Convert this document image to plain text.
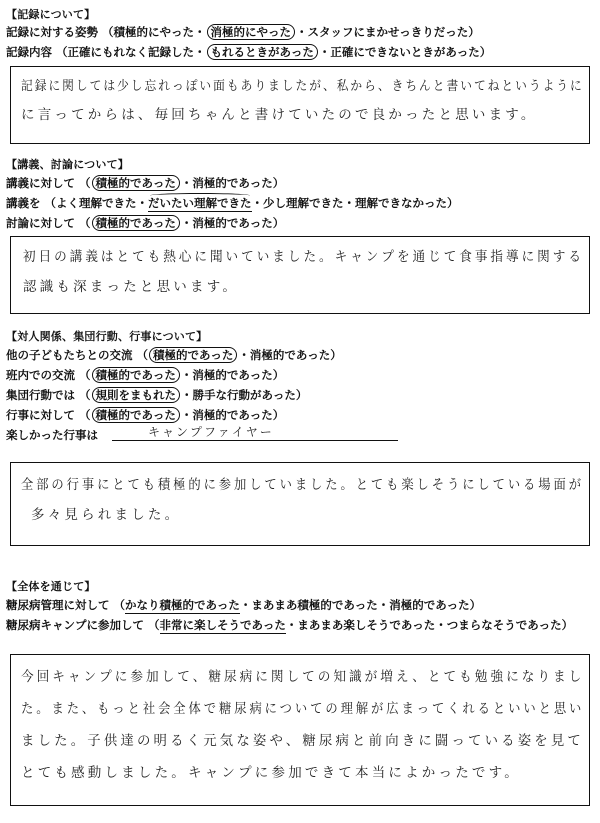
【記録について】
記録に対する姿勢 （積極的にやった・ 消極的にやった ・スタッフにまかせっきりだった）
記録内容 （正確にもれなく記録した・ もれるときがあった ・正確にできないときがあった）
記録に関しては少し忘れっぽい面もありましたが、私から、きちんと書いてねというように
に言ってからは、毎回ちゃんと書けていたので良かったと思います。
【講義、討論について】
講義に対して （ 積極的であった ・消極的であった）
講義を （よく理解できた・だいたい理解できた・少し理解できた・理解できなかった）
討論に対して （ 積極的であった ・消極的であった）
初日の講義はとても熱心に聞いていました。キャンプを通じて食事指導に関する
認識も深まったと思います。
【対人関係、集団行動、行事について】
他の子どもたちとの交流 （ 積極的であった ・消極的であった）
班内での交流 （ 積極的であった ・消極的であった）
集団行動では （ 規則をまもれた ・勝手な行動があった）
行事に対して （ 積極的であった ・消極的であった）
楽しかった行事は	キャンプファイヤー
全部の行事にとても積極的に参加していました。とても楽しそうにしている場面が
多々見られました。
【全体を通じて】
糖尿病管理に対して （かなり積極的であった・まあまあ積極的であった・消極的であった）
糖尿病キャンプに参加して （非常に楽しそうであった・まあまあ楽しそうであった・つまらなそうであった）
今回キャンプに参加して、糖尿病に関しての知識が増え、とても勉強になりまし
た。また、もっと社会全体で糖尿病についての理解が広まってくれるといいと思い
ました。子供達の明るく元気な姿や、糖尿病と前向きに闘っている姿を見て
とても感動しました。キャンプに参加できて本当によかったです。
